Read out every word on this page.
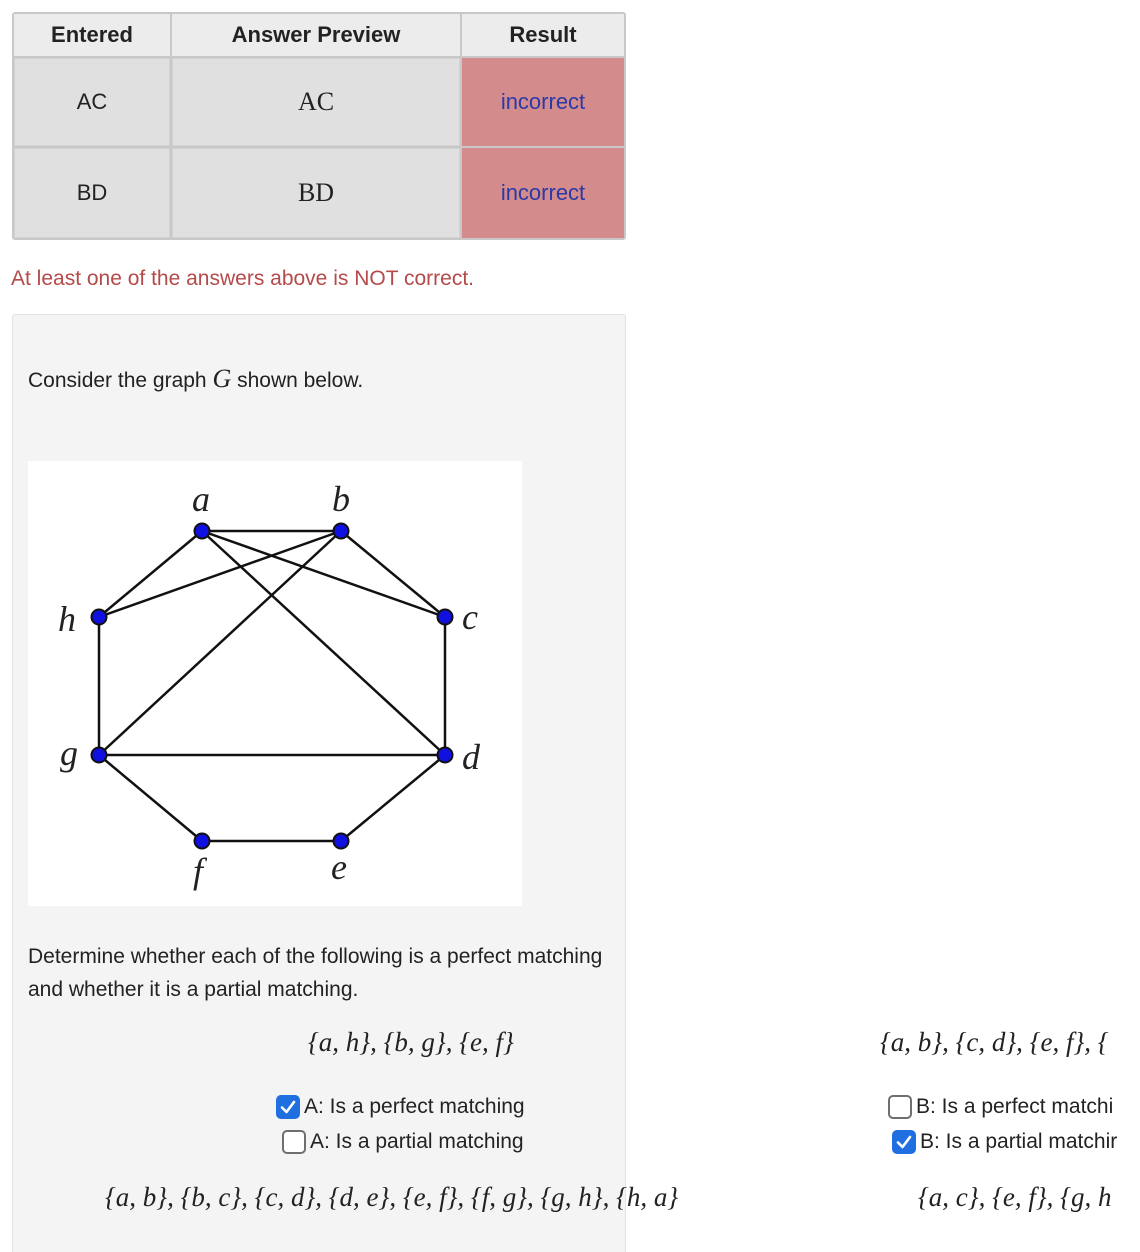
Entered	Answer Preview	Result
AC	AC	incorrect
BD	BD	incorrect
At least one of the answers above is NOT correct.
Consider the graph G shown below.
a	b
c
d
e
f
g
h
Determine whether each of the following is a perfect matching and whether it is a partial matching.
{a, h}, {b, g}, {e, f}
A: Is a perfect matching
A: Is a partial matching
{a, b}, {c, d}, {e, f}, {
B: Is a perfect matchi
B: Is a partial matchir
{a, b}, {b, c}, {c, d}, {d, e}, {e, f}, {f, g}, {g, h}, {h, a}	{a, c}, {e, f}, {g, h
